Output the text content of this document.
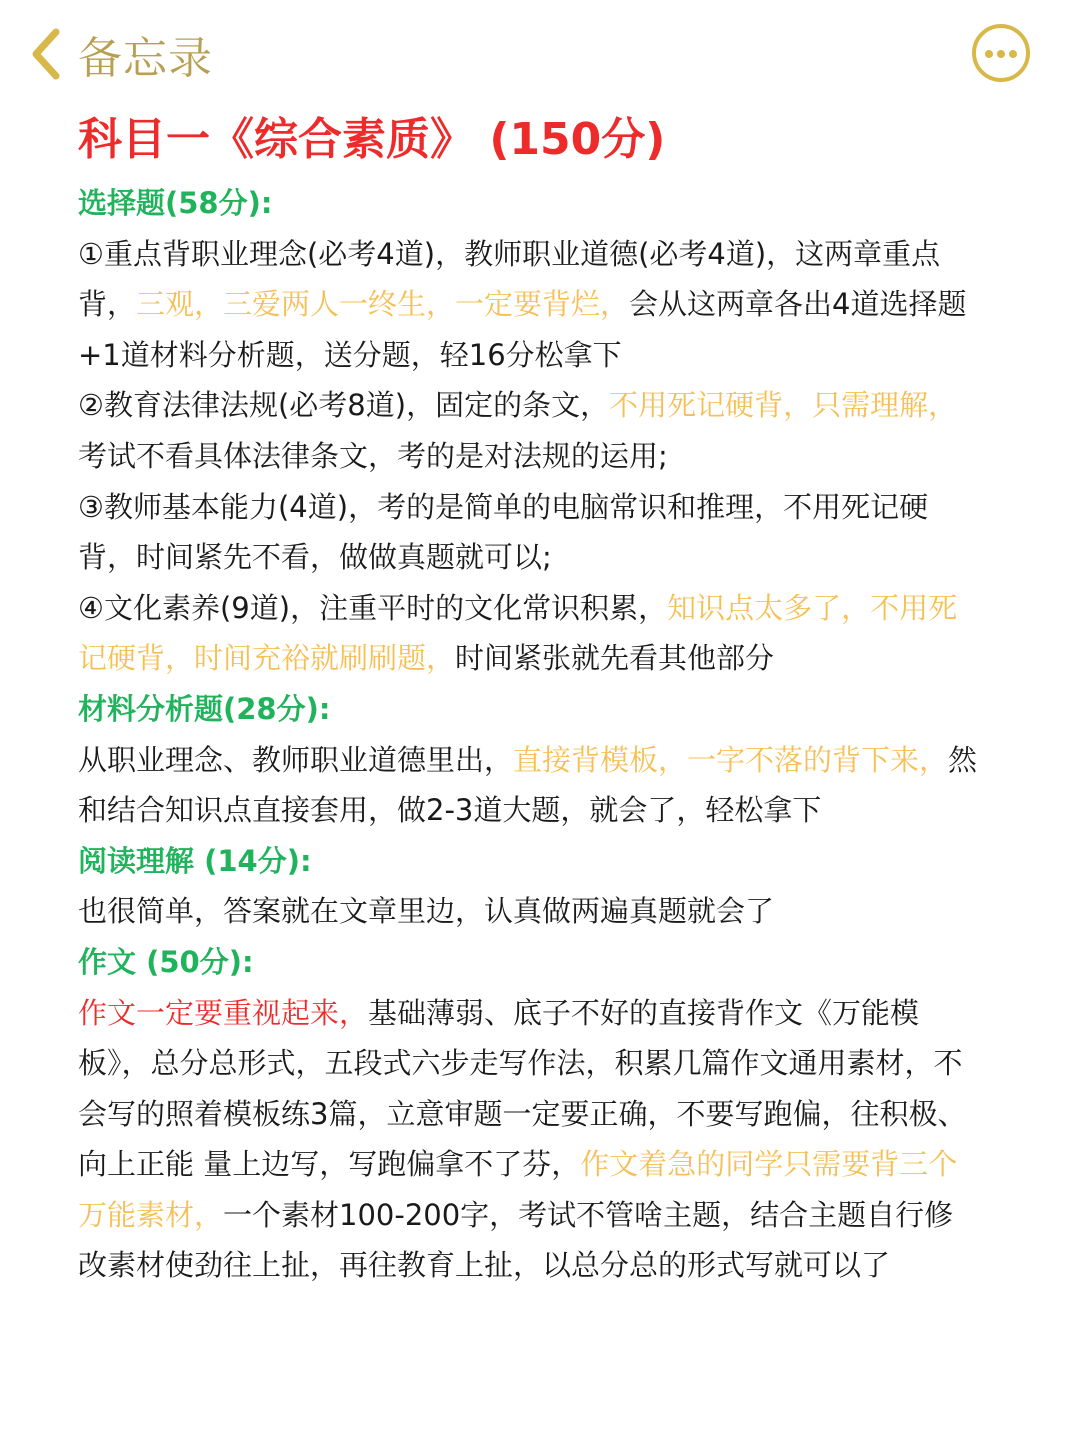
备忘录
科目一《综合素质》 (150分)
选择题(58分):

①重点背职业理念(必考4道)，教师职业道德(必考4道)，这两章重点背，三观，三爱两人一终生，一定要背烂，会从这两章各出4道选择题+1道材料分析题，送分题，轻16分松拿下

②教育法律法规(必考8道)，固定的条文，不用死记硬背，只需理解，考试不看具体法律条文，考的是对法规的运用;

③教师基本能力(4道)，考的是简单的电脑常识和推理，不用死记硬背，时间紧先不看，做做真题就可以;

④文化素养(9道)，注重平时的文化常识积累，知识点太多了，不用死记硬背，时间充裕就刷刷题，时间紧张就先看其他部分

材料分析题(28分):

从职业理念、教师职业道德里出，直接背模板，一字不落的背下来，然和结合知识点直接套用，做2-3道大题，就会了，轻松拿下

阅读理解 (14分):

也很简单，答案就在文章里边，认真做两遍真题就会了

作文 (50分):

作文一定要重视起来，基础薄弱、底子不好的直接背作文《万能模板》，总分总形式，五段式六步走写作法，积累几篇作文通用素材，不会写的照着模板练3篇，立意审题一定要正确，不要写跑偏，往积极、向上正能 量上边写，写跑偏拿不了芬，作文着急的同学只需要背三个万能素材，一个素材100-200字，考试不管啥主题，结合主题自行修改素材使劲往上扯，再往教育上扯，以总分总的形式写就可以了
